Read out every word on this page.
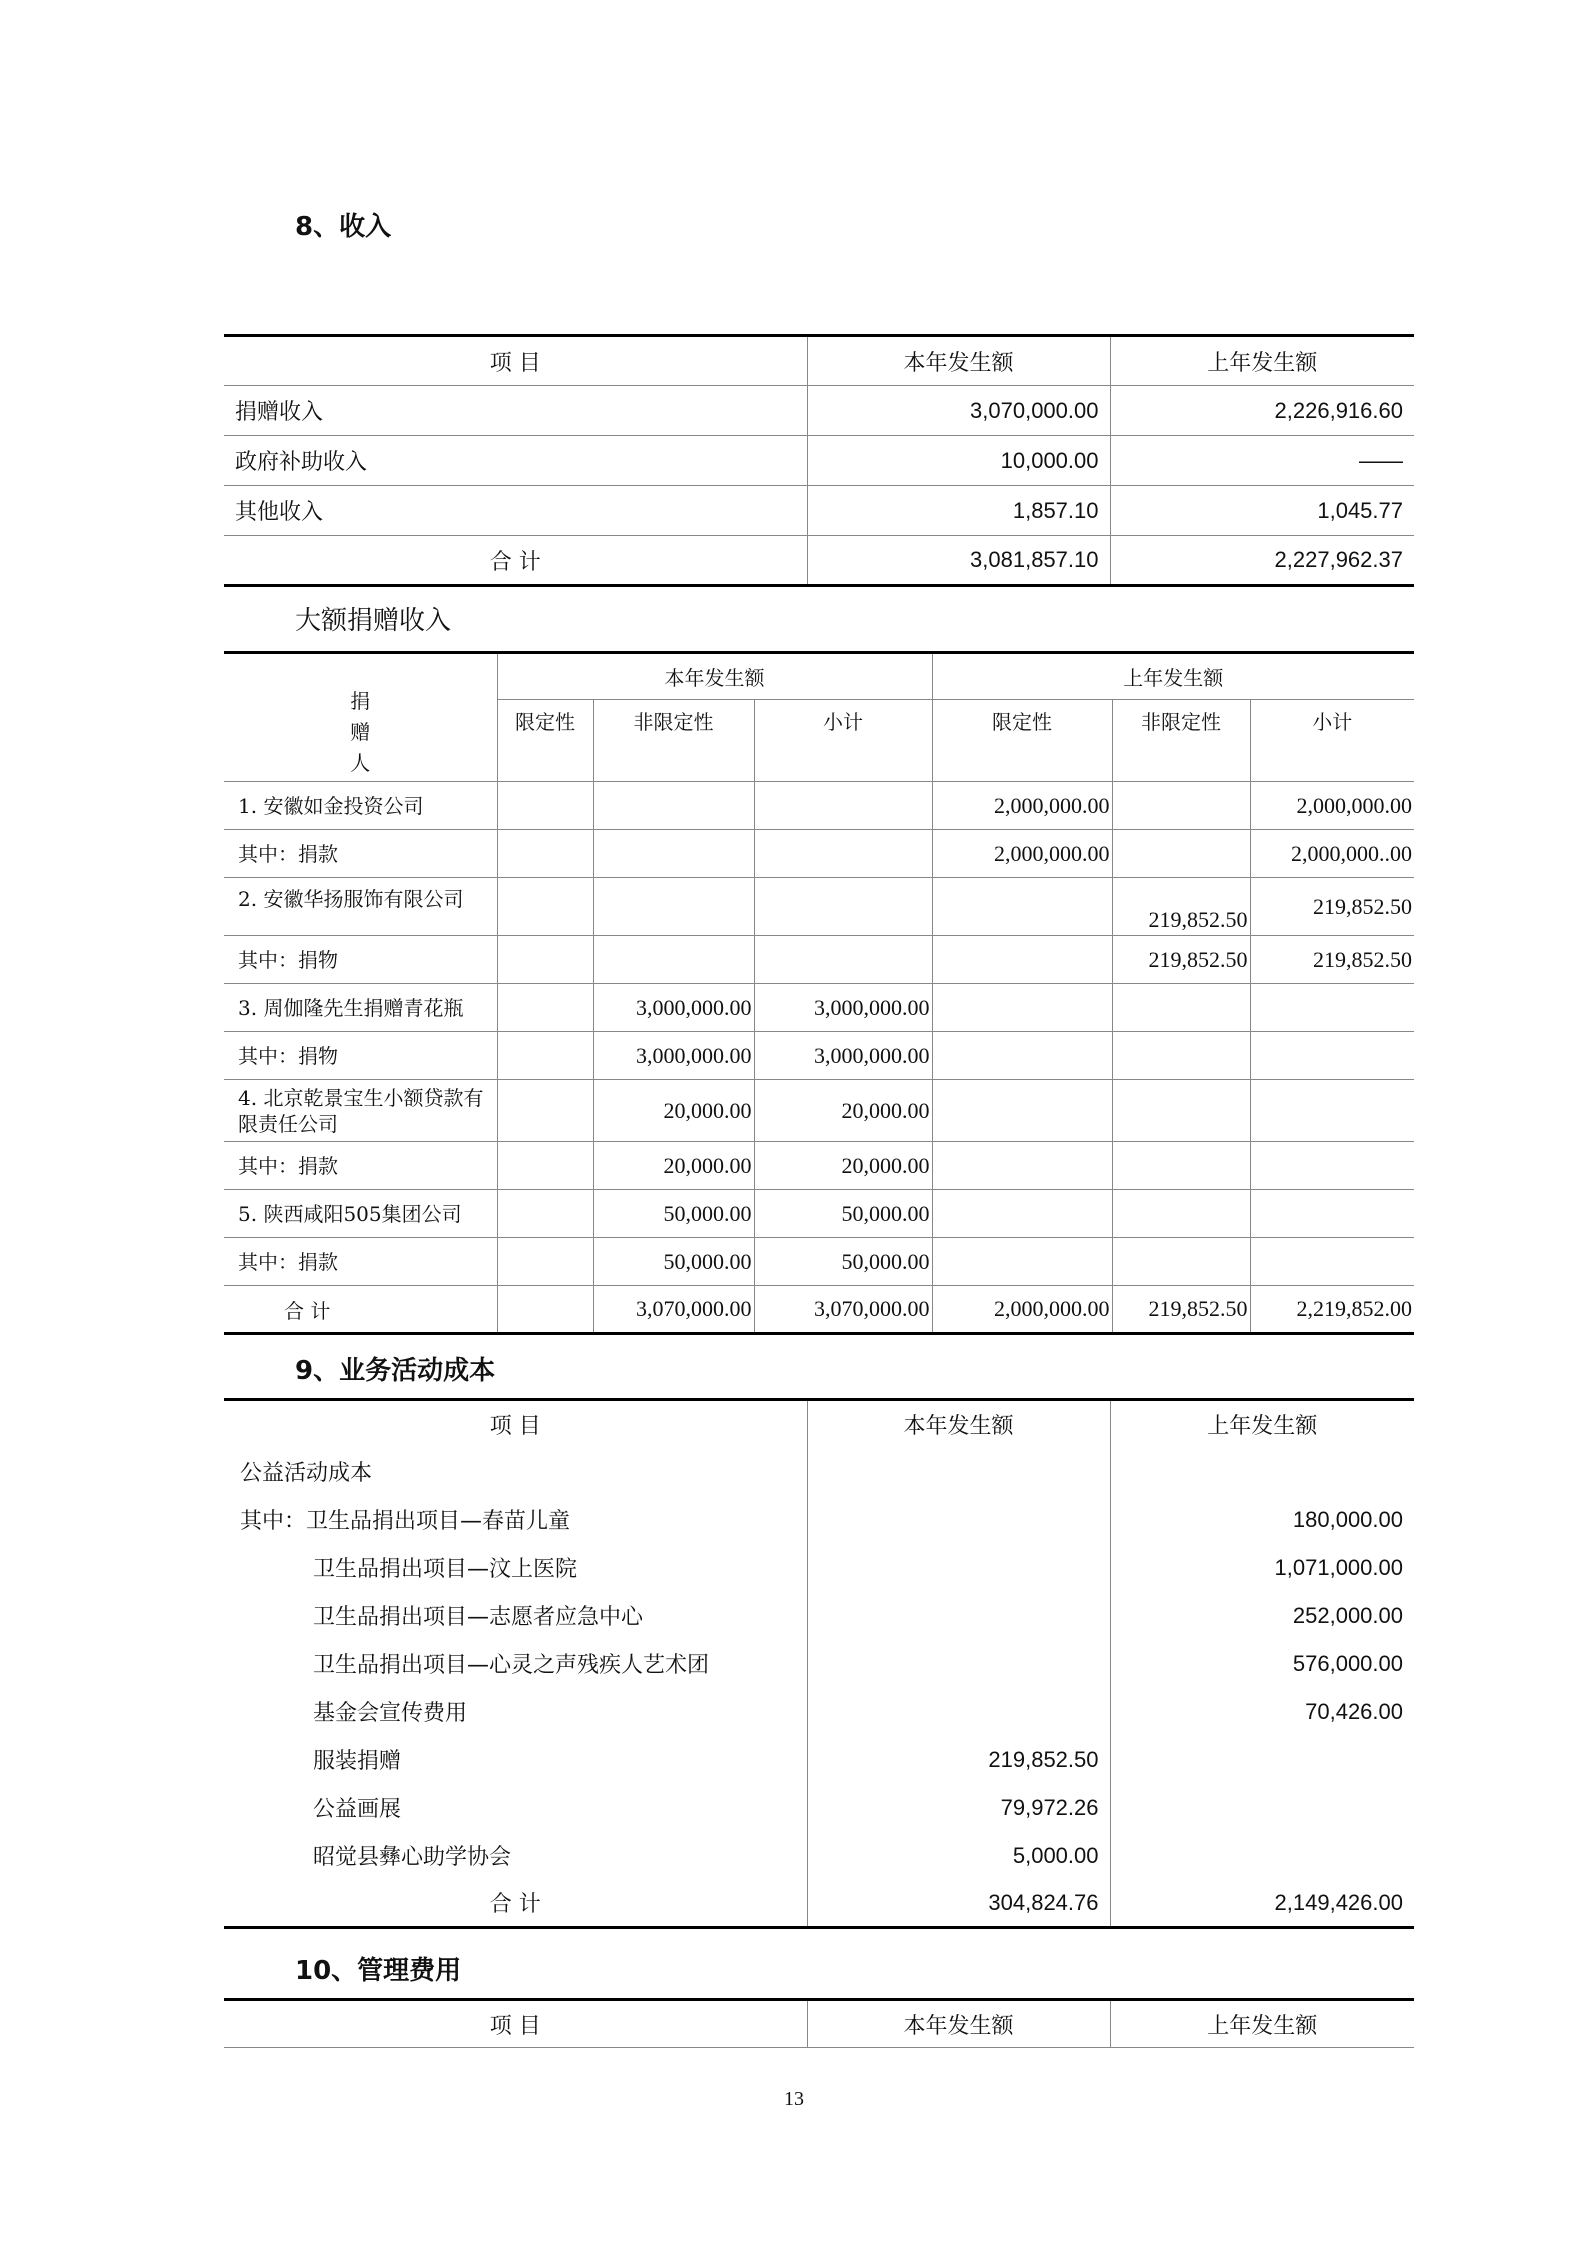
8、收入
项 目	本年发生额	上年发生额
捐赠收入	3,070,000.00	2,226,916.60
政府补助收入	10,000.00	——
其他收入	1,857.10	1,045.77
合 计	3,081,857.10	2,227,962.37
大额捐赠收入
捐
赠
人	本年发生额			上年发生额		
	限定性	非限定性	小计	限定性	非限定性	小计
1. 安徽如金投资公司				2,000,000.00		2,000,000.00
其中：捐款				2,000,000.00		2,000,000..00
2. 安徽华扬服饰有限公司					219,852.50	219,852.50
其中：捐物					219,852.50	219,852.50
3. 周伽隆先生捐赠青花瓶		3,000,000.00	3,000,000.00			
其中：捐物		3,000,000.00	3,000,000.00			
4. 北京乾景宝生小额贷款有限责任公司		20,000.00	20,000.00			
其中：捐款		20,000.00	20,000.00			
5. 陕西咸阳505集团公司		50,000.00	50,000.00			
其中：捐款		50,000.00	50,000.00			
合 计		3,070,000.00	3,070,000.00	2,000,000.00	219,852.50	2,219,852.00
9、业务活动成本
项 目	本年发生额	上年发生额
公益活动成本		
其中：卫生品捐出项目—春苗儿童		180,000.00
卫生品捐出项目—汶上医院		1,071,000.00
卫生品捐出项目—志愿者应急中心		252,000.00
卫生品捐出项目—心灵之声残疾人艺术团		576,000.00
基金会宣传费用		70,426.00
服装捐赠	219,852.50	
公益画展	79,972.26	
昭觉县彝心助学协会	5,000.00	
合 计	304,824.76	2,149,426.00
10、管理费用
项 目	本年发生额	上年发生额
13
